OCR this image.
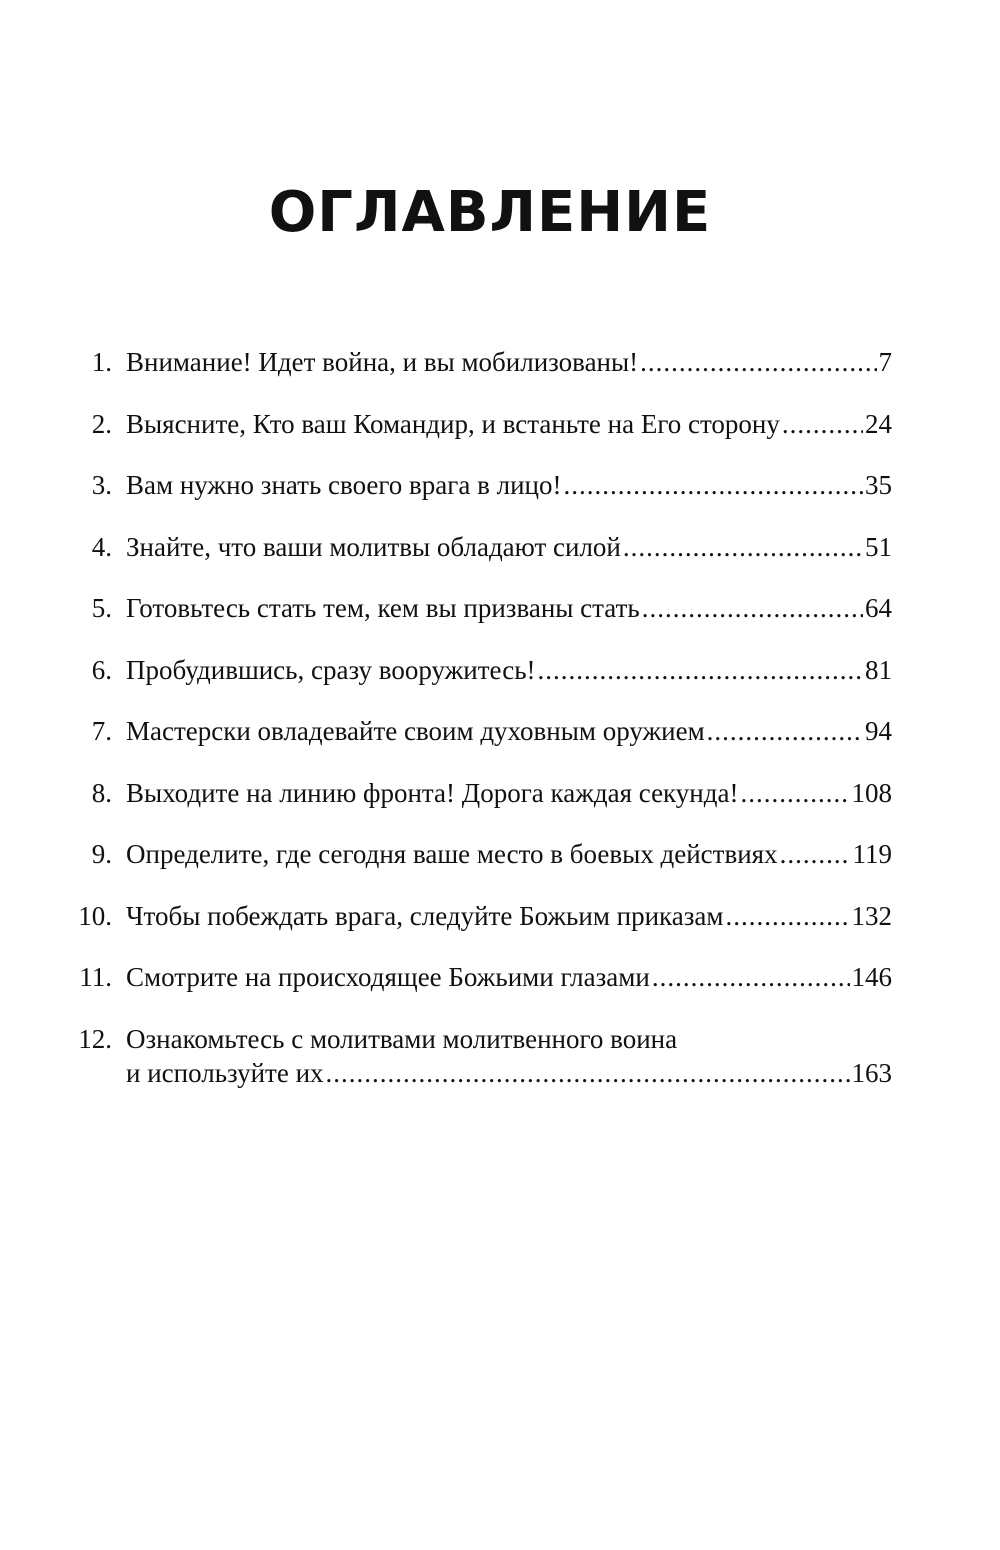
ОГЛАВЛЕНИЕ
1. Внимание! Идет война, и вы мобилизованы! .....	7
2. Выясните, Кто ваш Командир, и встаньте на Его сторону .....	24
3. Вам нужно знать своего врага в лицо! .....	35
4. Знайте, что ваши молитвы обладают силой .....	51
5. Готовьтесь стать тем, кем вы призваны стать .....	64
6. Пробудившись, сразу вооружитесь! .....	81
7. Мастерски овладевайте своим духовным оружием .....	94
8. Выходите на линию фронта! Дорога каждая секунда! .....	108
9. Определите, где сегодня ваше место в боевых действиях .....	119
10. Чтобы побеждать врага, следуйте Божьим приказам .....	132
11. Смотрите на происходящее Божьими глазами .....	146
12. Ознакомьтесь с молитвами молитвенного воина
и используйте их .....	163
